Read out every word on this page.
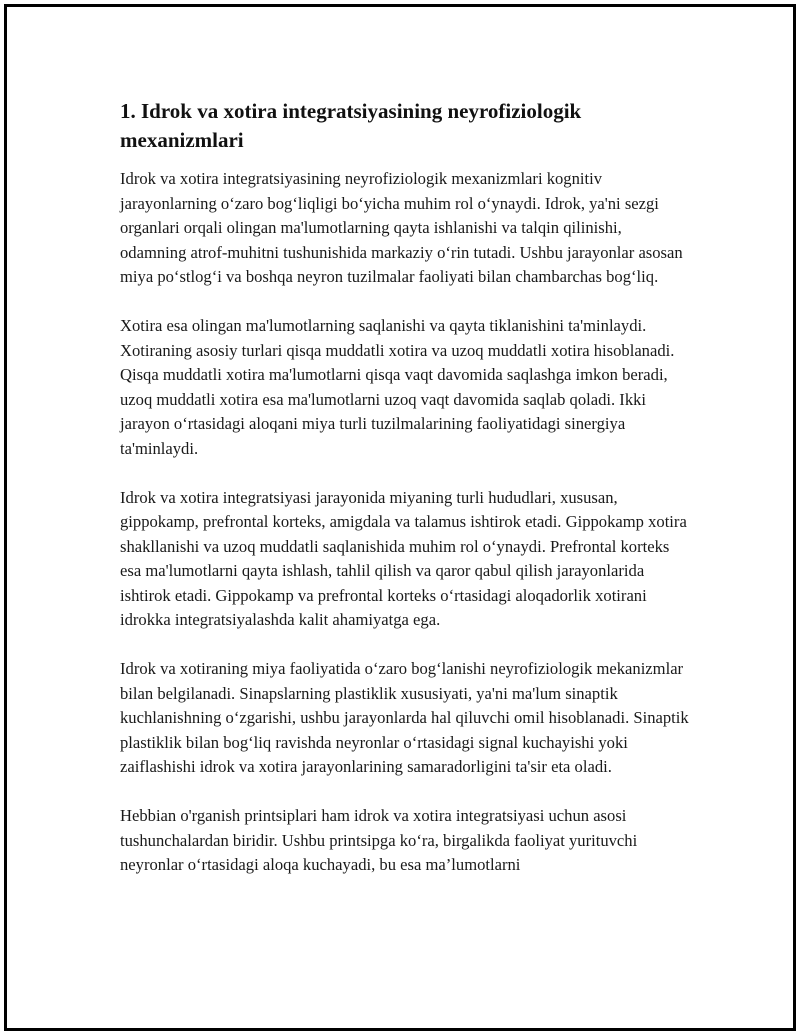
1. Idrok va xotira integratsiyasining neyrofiziologik mexanizmlari

Idrok va xotira integratsiyasining neyrofiziologik mexanizmlari kognitiv jarayonlarning o‘zaro bog‘liqligi bo‘yicha muhim rol o‘ynaydi. Idrok, ya'ni sezgi organlari orqali olingan ma'lumotlarning qayta ishlanishi va talqin qilinishi, odamning atrof-muhitni tushunishida markaziy o‘rin tutadi. Ushbu jarayonlar asosan miya po‘stlog‘i va boshqa neyron tuzilmalar faoliyati bilan chambarchas bog‘liq.

Xotira esa olingan ma'lumotlarning saqlanishi va qayta tiklanishini ta'minlaydi. Xotiraning asosiy turlari qisqa muddatli xotira va uzoq muddatli xotira hisoblanadi. Qisqa muddatli xotira ma'lumotlarni qisqa vaqt davomida saqlashga imkon beradi, uzoq muddatli xotira esa ma'lumotlarni uzoq vaqt davomida saqlab qoladi. Ikki jarayon o‘rtasidagi aloqani miya turli tuzilmalarining faoliyatidagi sinergiya ta'minlaydi.

Idrok va xotira integratsiyasi jarayonida miyaning turli hududlari, xususan, gippokamp, prefrontal korteks, amigdala va talamus ishtirok etadi. Gippokamp xotira shakllanishi va uzoq muddatli saqlanishida muhim rol o‘ynaydi. Prefrontal korteks esa ma'lumotlarni qayta ishlash, tahlil qilish va qaror qabul qilish jarayonlarida ishtirok etadi. Gippokamp va prefrontal korteks o‘rtasidagi aloqadorlik xotirani idrokka integratsiyalashda kalit ahamiyatga ega.

Idrok va xotiraning miya faoliyatida o‘zaro bog‘lanishi neyrofiziologik mekanizmlar bilan belgilanadi. Sinapslarning plastiklik xususiyati, ya'ni ma'lum sinaptik kuchlanishning o‘zgarishi, ushbu jarayonlarda hal qiluvchi omil hisoblanadi. Sinaptik plastiklik bilan bog‘liq ravishda neyronlar o‘rtasidagi signal kuchayishi yoki zaiflashishi idrok va xotira jarayonlarining samaradorligini ta'sir eta oladi.

Hebbian o'rganish printsiplari ham idrok va xotira integratsiyasi uchun asosi tushunchalardan biridir. Ushbu printsipga ko‘ra, birgalikda faoliyat yurituvchi neyronlar o‘rtasidagi aloqa kuchayadi, bu esa ma’lumotlarni
